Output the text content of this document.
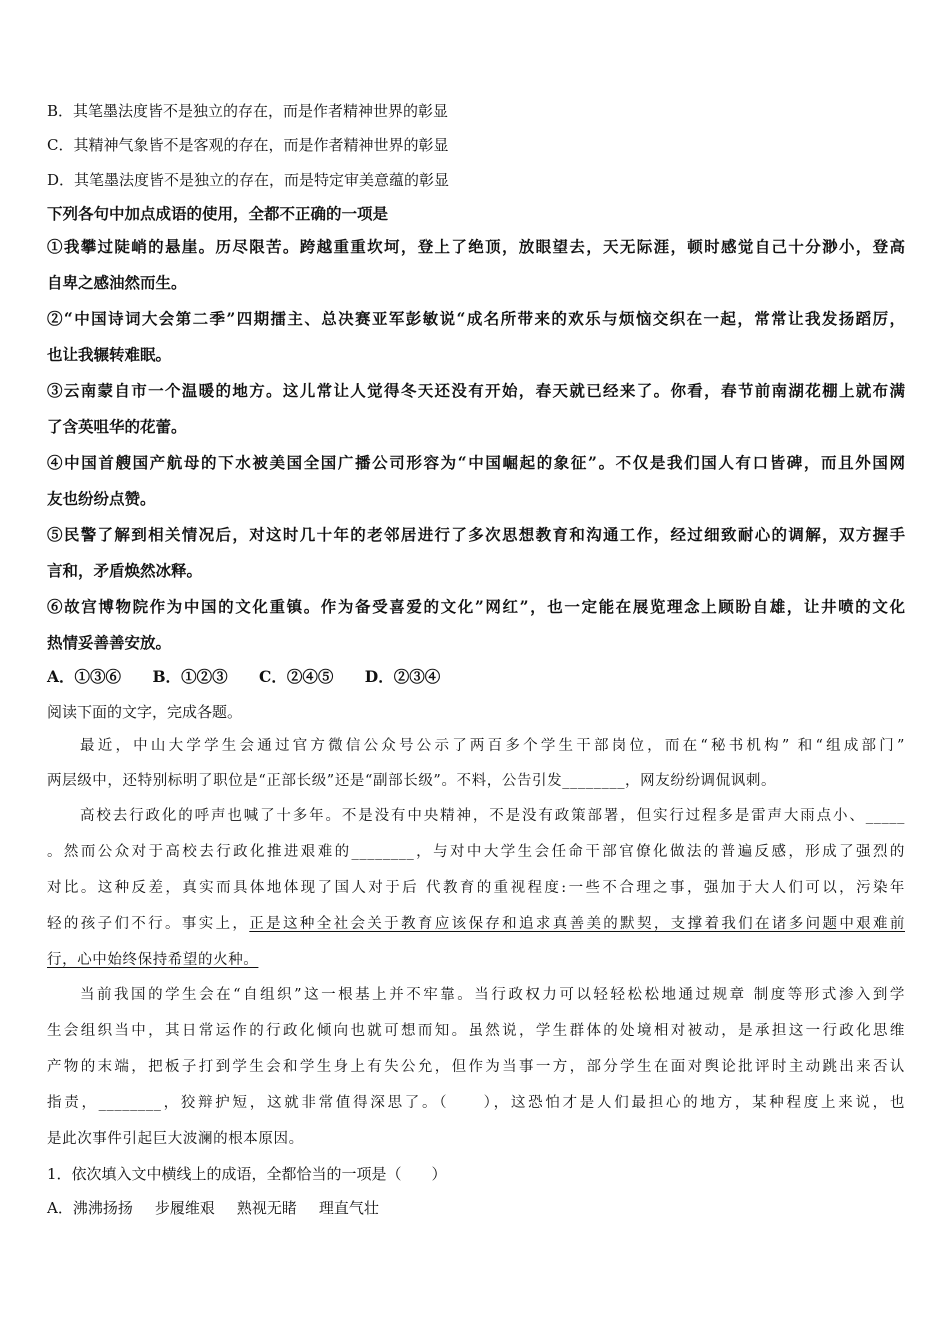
B．其笔墨法度皆不是独立的存在，而是作者精神世界的彰显
C．其精神气象皆不是客观的存在，而是作者精神世界的彰显
D．其笔墨法度皆不是独立的存在，而是特定审美意蕴的彰显
下列各句中加点成语的使用，全都不正确的一项是
①我攀过陡峭的悬崖。历尽限苦。跨越重重坎坷，登上了绝顶，放眼望去，天无际涯，顿时感觉自己十分渺小，登高
自卑之感油然而生。
②“中国诗词大会第二季”四期擂主、总决赛亚军彭敏说“成名所带来的欢乐与烦恼交织在一起，常常让我发扬蹈厉，
也让我辗转难眠。
③云南蒙自市一个温暖的地方。这儿常让人觉得冬天还没有开始，春天就已经来了。你看，春节前南湖花棚上就布满
了含英咀华的花蕾。
④中国首艘国产航母的下水被美国全国广播公司形容为“中国崛起的象征”。不仅是我们国人有口皆碑，而且外国网
友也纷纷点赞。
⑤民警了解到相关情况后，对这时几十年的老邻居进行了多次思想教育和沟通工作，经过细致耐心的调解，双方握手
言和，矛盾焕然冰释。
⑥故宫博物院作为中国的文化重镇。作为备受喜爱的文化”网红”，也一定能在展览理念上顾盼自雄，让井喷的文化
热情妥善善安放。
A．①③⑥ B．①②③ C．②④⑤ D．②③④
阅读下面的文字，完成各题。
最近，中山大学学生会通过官方微信公众号公示了两百多个学生干部岗位，而在“秘书机构” 和“组成部门”
两层级中，还特别标明了职位是“正部长级”还是“副部长级”。不料，公告引发________，网友纷纷调侃讽刺。
高校去行政化的呼声也喊了十多年。不是没有中央精神，不是没有政策部署，但实行过程多是雷声大雨点小、_____
。然而公众对于高校去行政化推进艰难的________，与对中大学生会任命干部官僚化做法的普遍反感，形成了强烈的
对比。这种反差，真实而具体地体现了国人对于后 代教育的重视程度:一些不合理之事，强加于大人们可以，污染年
轻的孩子们不行。事实上，正是这种全社会关于教育应该保存和追求真善美的默契，支撑着我们在诸多问题中艰难前
行，心中始终保持希望的火种。
当前我国的学生会在“自组织”这一根基上并不牢靠。当行政权力可以轻轻松松地通过规章 制度等形式渗入到学
生会组织当中，其日常运作的行政化倾向也就可想而知。虽然说，学生群体的处境相对被动，是承担这一行政化思维
产物的末端，把板子打到学生会和学生身上有失公允，但作为当事一方，部分学生在面对舆论批评时主动跳出来否认
指责，________，狡辩护短，这就非常值得深思了。（　　），这恐怕才是人们最担心的地方，某种程度上来说，也
是此次事件引起巨大波澜的根本原因。
1．依次填入文中横线上的成语，全都恰当的一项是（　　）
A．沸沸扬扬 步履维艰 熟视无睹 理直气壮
